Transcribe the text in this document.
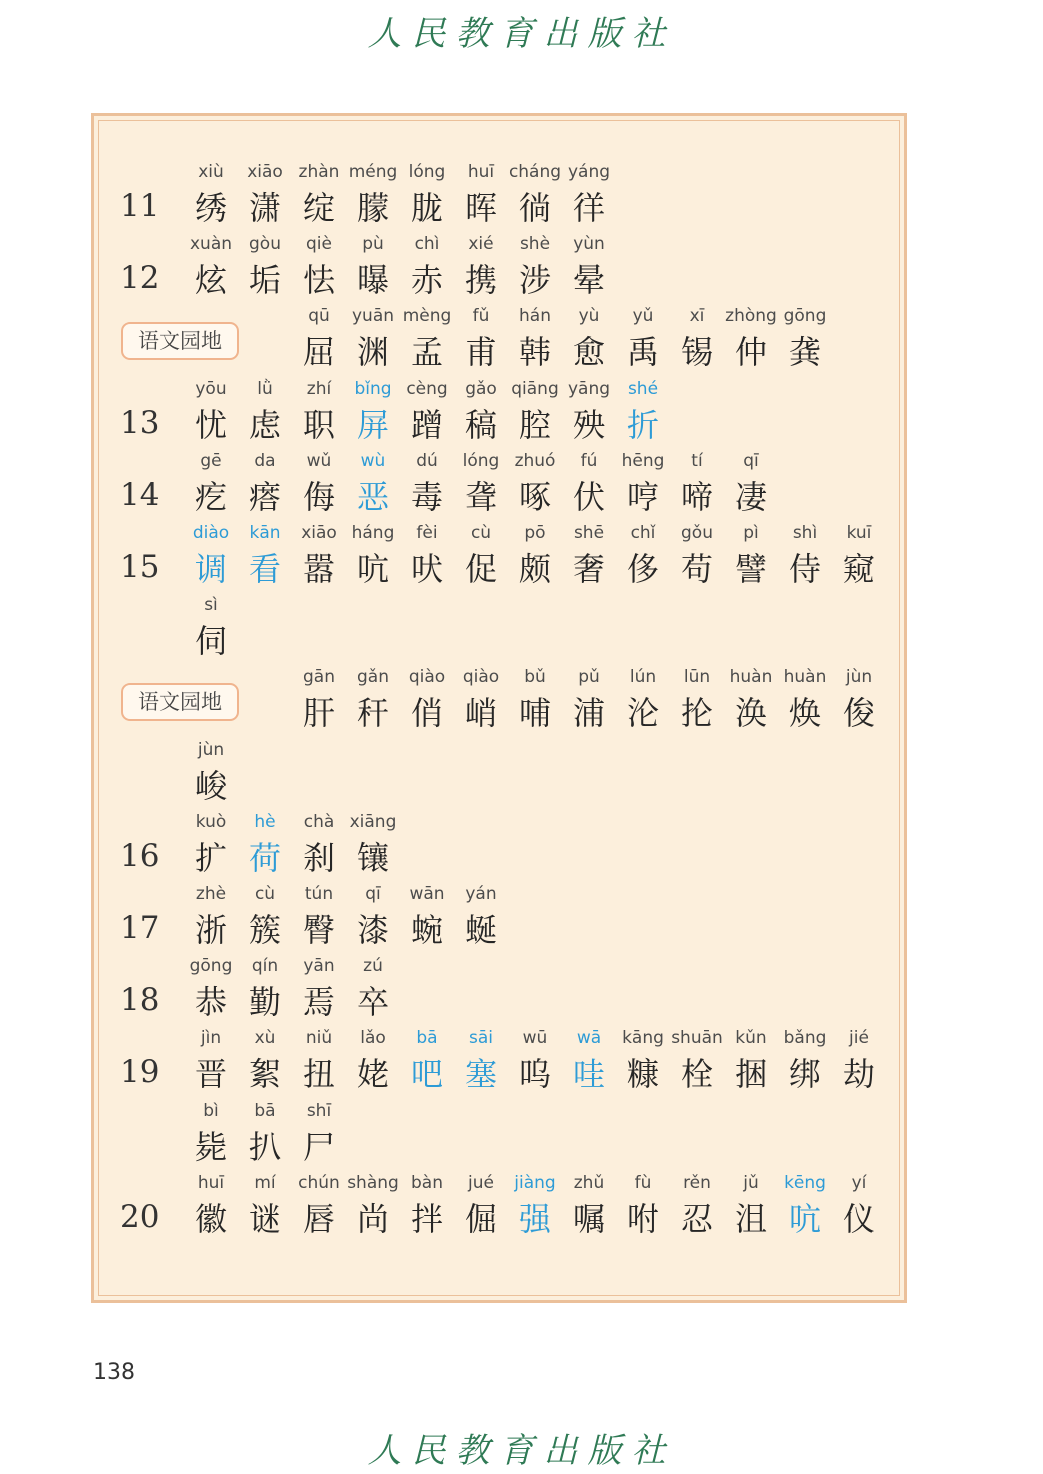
人民教育出版社
11
xiù
绣
xiāo
潇
zhàn
绽
méng
朦
lóng
胧
huī
晖
cháng
徜
yáng
徉
12
xuàn
炫
gòu
垢
qiè
怯
pù
曝
chì
赤
xié
携
shè
涉
yùn
晕
语文园地
qū
屈
yuān
渊
mèng
孟
fǔ
甫
hán
韩
yù
愈
yǔ
禹
xī
锡
zhòng
仲
gōng
龚
13
yōu
忧
lǜ
虑
zhí
职
bǐng
屏
cèng
蹭
gǎo
稿
qiāng
腔
yāng
殃
shé
折
14
gē
疙
da
瘩
wǔ
侮
wù
恶
dú
毒
lóng
聋
zhuó
啄
fú
伏
hēng
哼
tí
啼
qī
凄
15
diào
调
kān
看
xiāo
嚣
háng
吭
fèi
吠
cù
促
pō
颇
shē
奢
chǐ
侈
gǒu
苟
pì
譬
shì
侍
kuī
窥
sì
伺
语文园地
gān
肝
gǎn
秆
qiào
俏
qiào
峭
bǔ
哺
pǔ
浦
lún
沦
lūn
抡
huàn
涣
huàn
焕
jùn
俊
jùn
峻
16
kuò
扩
hè
荷
chà
刹
xiāng
镶
17
zhè
浙
cù
簇
tún
臀
qī
漆
wān
蜿
yán
蜒
18
gōng
恭
qín
勤
yān
焉
zú
卒
19
jìn
晋
xù
絮
niǔ
扭
lǎo
姥
bā
吧
sāi
塞
wū
呜
wā
哇
kāng
糠
shuān
栓
kǔn
捆
bǎng
绑
jié
劫
bì
毙
bā
扒
shī
尸
20
huī
徽
mí
谜
chún
唇
shàng
尚
bàn
拌
jué
倔
jiàng
强
zhǔ
嘱
fù
咐
rěn
忍
jǔ
沮
kēng
吭
yí
仪
138
人民教育出版社
